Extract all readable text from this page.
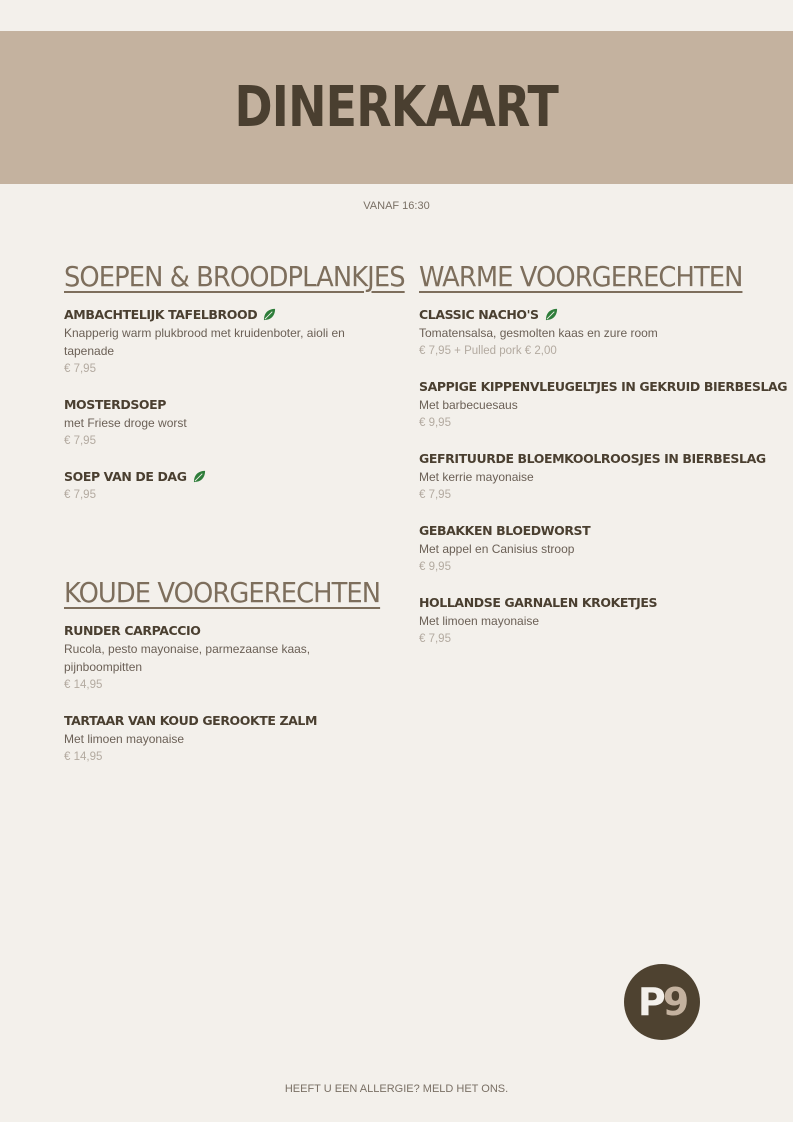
DINERKAART
VANAF 16:30
SOEPEN & BROODPLANKJES
AMBACHTELIJK TAFELBROOD
Knapperig warm plukbrood met kruidenboter, aioli en tapenade
€ 7,95
MOSTERDSOEP
met Friese droge worst
€ 7,95
SOEP VAN DE DAG
€ 7,95
KOUDE VOORGERECHTEN
RUNDER CARPACCIO
Rucola, pesto mayonaise, parmezaanse kaas, pijnboompitten
€ 14,95
TARTAAR VAN KOUD GEROOKTE ZALM
Met limoen mayonaise
€ 14,95
WARME VOORGERECHTEN
CLASSIC NACHO'S
Tomatensalsa, gesmolten kaas en zure room
€ 7,95 + Pulled pork € 2,00
SAPPIGE KIPPENVLEUGELTJES IN GEKRUID BIERBESLAG
Met barbecuesaus
€ 9,95
GEFRITUURDE BLOEMKOOLROOSJES IN BIERBESLAG
Met kerrie mayonaise
€ 7,95
GEBAKKEN BLOEDWORST
Met appel en Canisius stroop
€ 9,95
HOLLANDSE GARNALEN KROKETJES
Met limoen mayonaise
€ 7,95
P 9
HEEFT U EEN ALLERGIE? MELD HET ONS.
